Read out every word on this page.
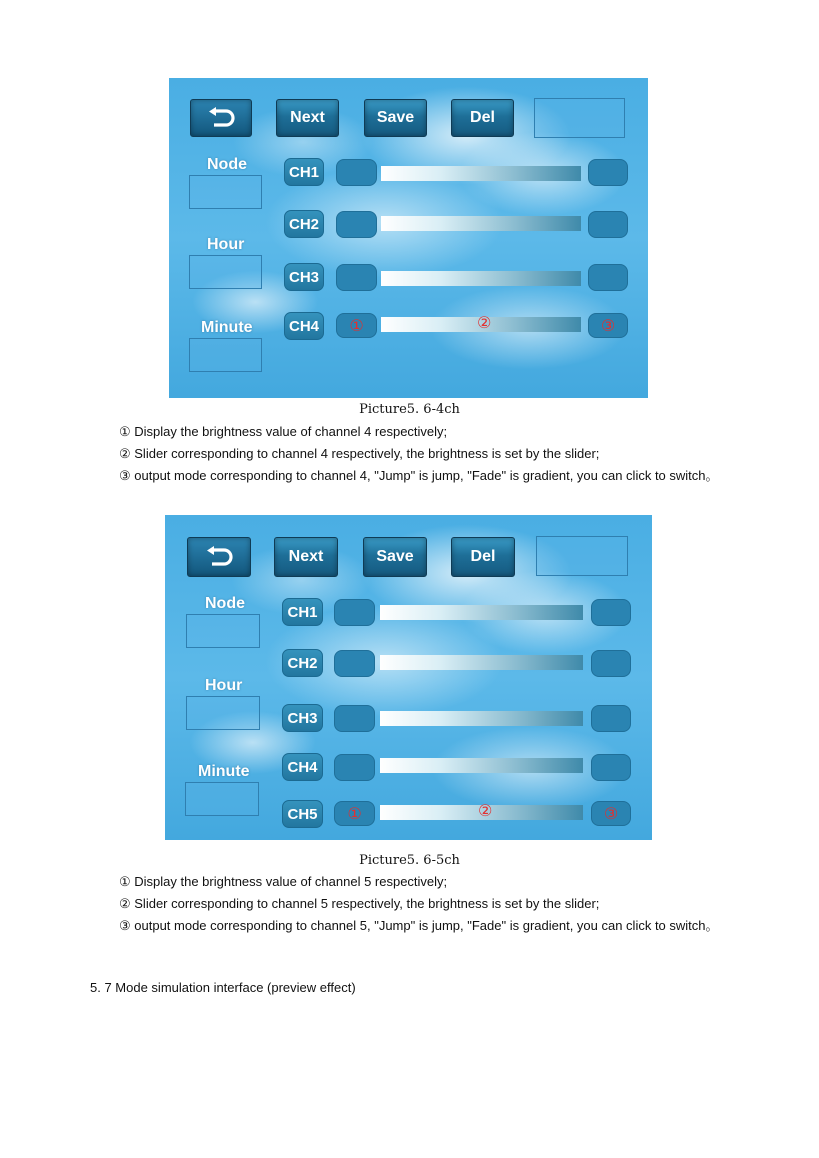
Next	Save	Del
Node
Hour
Minute
CH1
CH2
CH3
CH4	①	②	③
Picture5. 6-4ch
① Display the brightness value of channel 4 respectively;
② Slider corresponding to channel 4 respectively, the brightness is set by the slider;
③ output mode corresponding to channel 4, "Jump" is jump, "Fade" is gradient, you can click to switch。
Next	Save	Del
Node
Hour
Minute
CH1
CH2
CH3
CH4
CH5	①	②	③
Picture5. 6-5ch
① Display the brightness value of channel 5 respectively;
② Slider corresponding to channel 5 respectively, the brightness is set by the slider;
③ output mode corresponding to channel 5, "Jump" is jump, "Fade" is gradient, you can click to switch。
5. 7 Mode simulation interface (preview effect)
